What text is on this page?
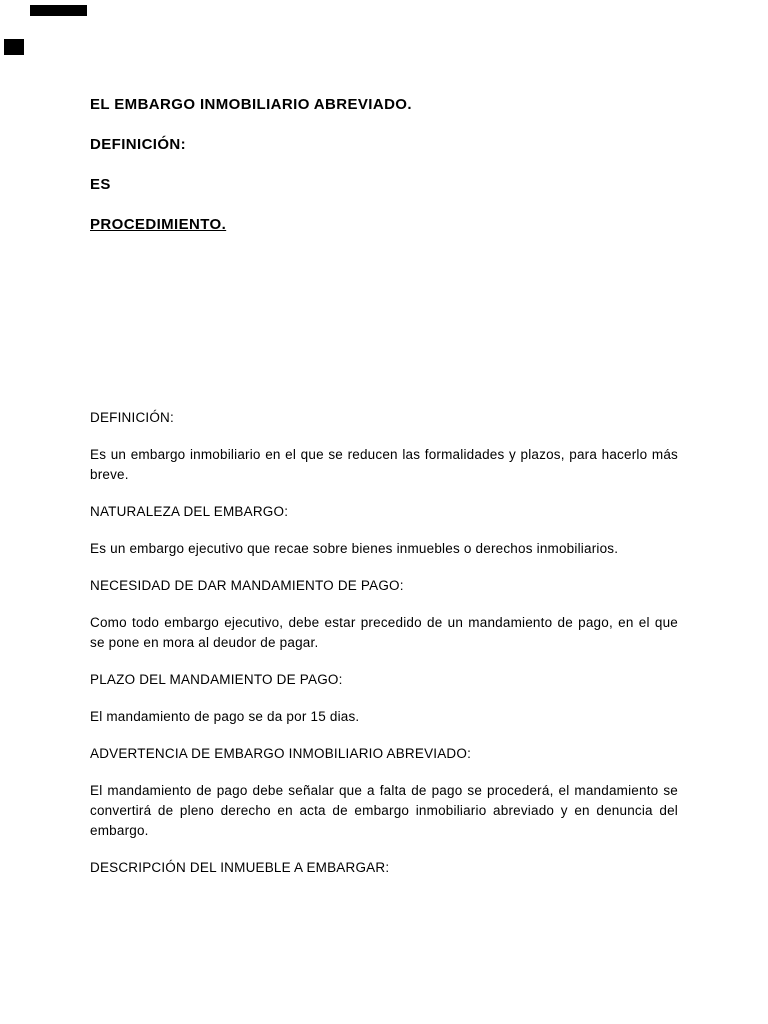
EL EMBARGO INMOBILIARIO ABREVIADO.
DEFINICIÓN:
ES
PROCEDIMIENTO.

DEFINICIÓN:

Es un embargo inmobiliario en el que se reducen las formalidades y plazos, para hacerlo más breve.

NATURALEZA DEL EMBARGO:

Es un embargo ejecutivo que recae sobre bienes inmuebles o derechos inmobiliarios.

NECESIDAD DE DAR MANDAMIENTO DE PAGO:

Como todo embargo ejecutivo, debe estar precedido de un mandamiento de pago, en el que se pone en mora al deudor de pagar.

PLAZO DEL MANDAMIENTO DE PAGO:

El mandamiento de pago se da por 15 dias.

ADVERTENCIA DE EMBARGO INMOBILIARIO ABREVIADO:

El mandamiento de pago debe señalar que a falta de pago se procederá, el mandamiento se convertirá de pleno derecho en acta de embargo inmobiliario abreviado y en denuncia del embargo.

DESCRIPCIÓN DEL INMUEBLE A EMBARGAR:
